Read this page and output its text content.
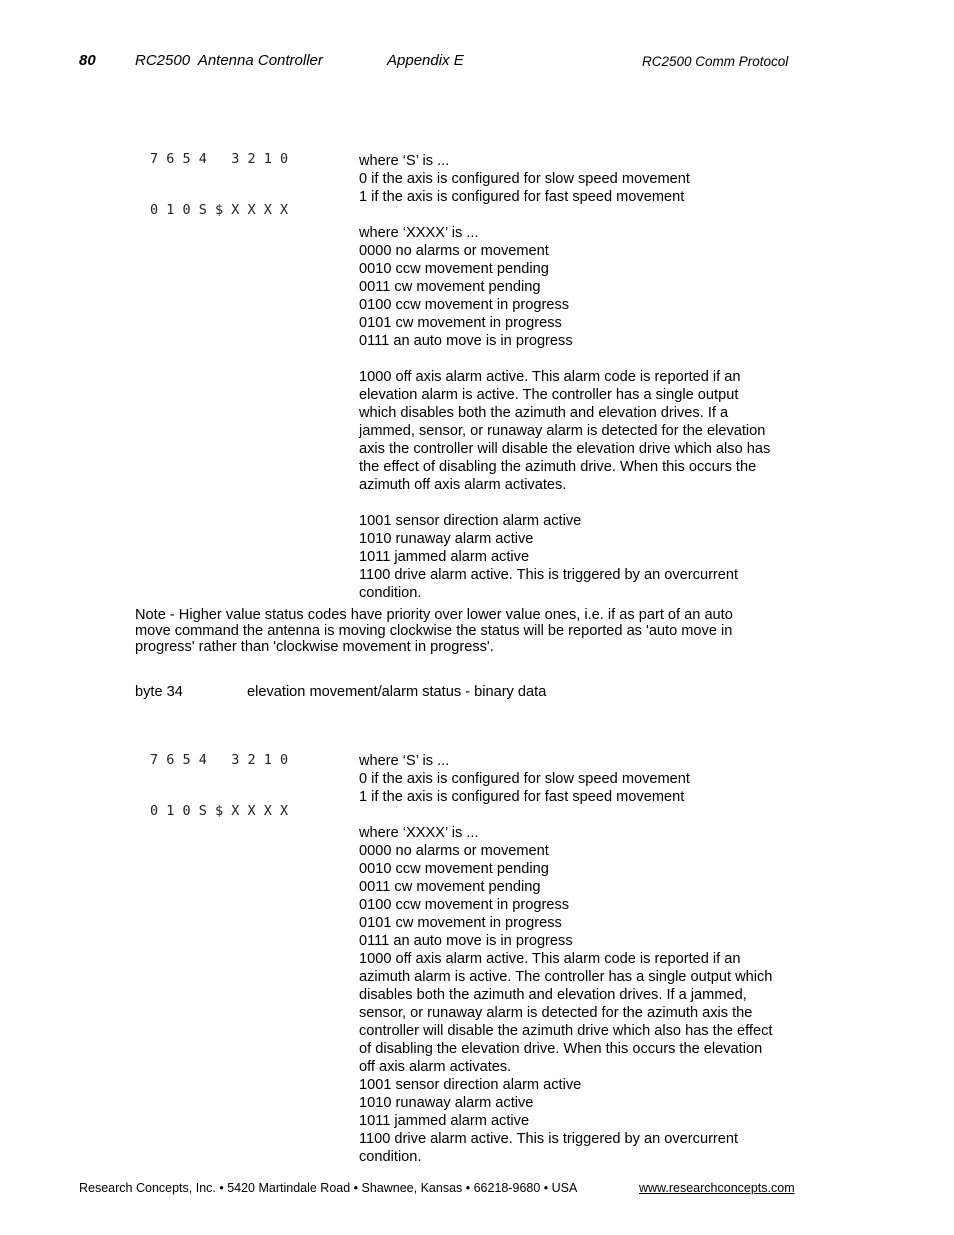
80	RC2500  Antenna Controller	Appendix E	RC2500 Comm Protocol

7 6 5 4   3 2 1 0

0 1 0 S $ X X X X

where ‘S’ is ...
0 if the axis is configured for slow speed movement
1 if the axis is configured for fast speed movement
where ‘XXXX’ is ...
0000 no alarms or movement
0010 ccw movement pending
0011 cw movement pending
0100 ccw movement in progress
0101 cw movement in progress
0111 an auto move is in progress
1000 off axis alarm active. This alarm code is reported if an
elevation alarm is active. The controller has a single output
which disables both the azimuth and elevation drives. If a
jammed, sensor, or runaway alarm is detected for the elevation
axis the controller will disable the elevation drive which also has
the effect of disabling the azimuth drive. When this occurs the
azimuth off axis alarm activates.
1001 sensor direction alarm active
1010 runaway alarm active
1011 jammed alarm active
1100 drive alarm active. This is triggered by an overcurrent
condition.
Note - Higher value status codes have priority over lower value ones, i.e. if as part of an auto
move command the antenna is moving clockwise the status will be reported as 'auto move in
progress' rather than 'clockwise movement in progress'.
byte 34	elevation movement/alarm status - binary data

7 6 5 4   3 2 1 0

0 1 0 S $ X X X X

where ‘S’ is ...
0 if the axis is configured for slow speed movement
1 if the axis is configured for fast speed movement
where ‘XXXX’ is ...
0000 no alarms or movement
0010 ccw movement pending
0011 cw movement pending
0100 ccw movement in progress
0101 cw movement in progress
0111 an auto move is in progress
1000 off axis alarm active. This alarm code is reported if an
azimuth alarm is active. The controller has a single output which
disables both the azimuth and elevation drives. If a jammed,
sensor, or runaway alarm is detected for the azimuth axis the
controller will disable the azimuth drive which also has the effect
of disabling the elevation drive. When this occurs the elevation
off axis alarm activates.
1001 sensor direction alarm active
1010 runaway alarm active
1011 jammed alarm active
1100 drive alarm active. This is triggered by an overcurrent
condition.
Research Concepts, Inc. • 5420 Martindale Road • Shawnee, Kansas • 66218-9680 • USA	www.researchconcepts.com
